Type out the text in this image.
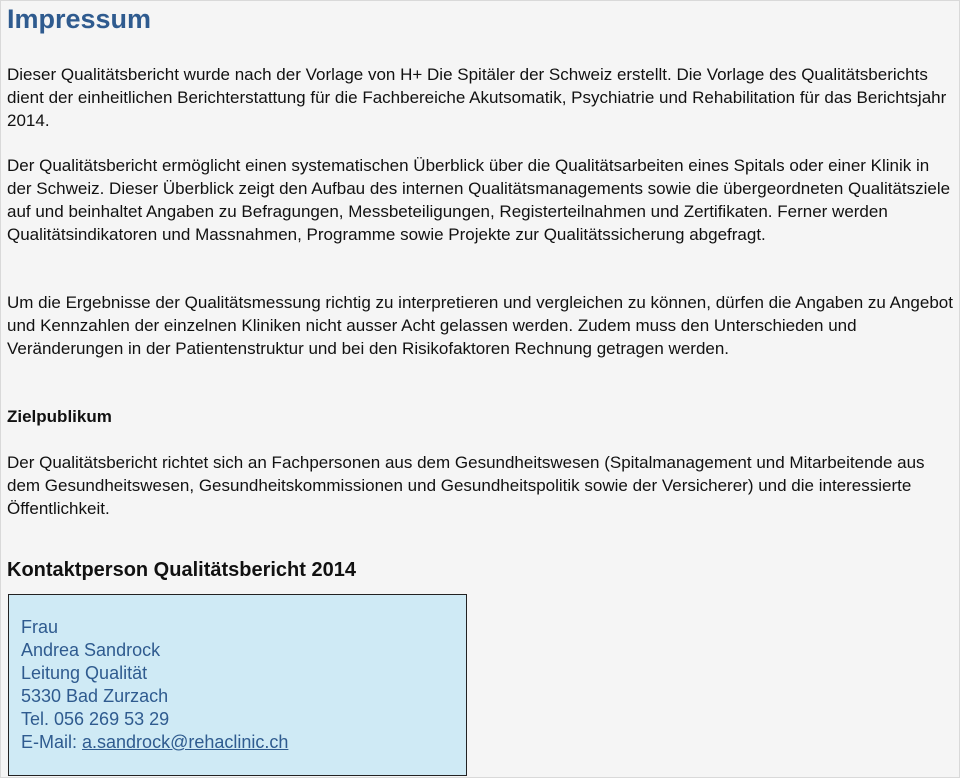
Impressum

Dieser Qualitätsbericht wurde nach der Vorlage von H+ Die Spitäler der Schweiz erstellt. Die Vorlage des Qualitätsberichts dient der einheitlichen Berichterstattung für die Fachbereiche Akutsomatik, Psychiatrie und Rehabilitation für das Berichtsjahr 2014.

Der Qualitätsbericht ermöglicht einen systematischen Überblick über die Qualitätsarbeiten eines Spitals oder einer Klinik in der Schweiz. Dieser Überblick zeigt den Aufbau des internen Qualitätsmanagements sowie die übergeordneten Qualitätsziele auf und beinhaltet Angaben zu Befragungen, Messbeteiligungen, Registerteilnahmen und Zertifikaten. Ferner werden Qualitätsindikatoren und Massnahmen, Programme sowie Projekte zur Qualitätssicherung abgefragt.

Um die Ergebnisse der Qualitätsmessung richtig zu interpretieren und vergleichen zu können, dürfen die Angaben zu Angebot und Kennzahlen der einzelnen Kliniken nicht ausser Acht gelassen werden. Zudem muss den Unterschieden und Veränderungen in der Patientenstruktur und bei den Risikofaktoren Rechnung getragen werden.

Zielpublikum

Der Qualitätsbericht richtet sich an Fachpersonen aus dem Gesundheitswesen (Spitalmanagement und Mitarbeitende aus dem Gesundheitswesen, Gesundheitskommissionen und Gesundheitspolitik sowie der Versicherer) und die interessierte Öffentlichkeit.

Kontaktperson Qualitätsbericht 2014
Frau
Andrea Sandrock
Leitung Qualität
5330 Bad Zurzach
Tel. 056 269 53 29
E-Mail: a.sandrock@rehaclinic.ch
